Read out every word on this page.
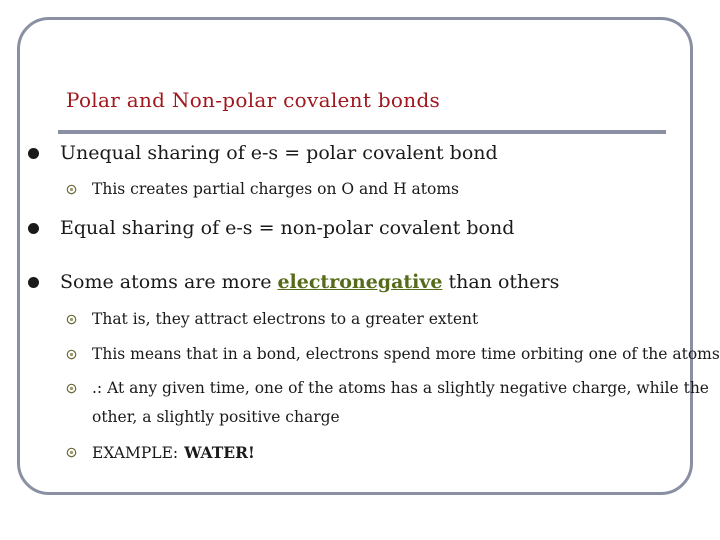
Polar and Non-polar covalent bonds
Unequal sharing of e-s = polar covalent bond
This creates partial charges on O and H atoms
Equal sharing of e-s = non-polar covalent bond
Some atoms are more electronegative than others
That is, they attract electrons to a greater extent
This means that in a bond, electrons spend more time orbiting one of the atoms
.: At any given time, one of the atoms has a slightly negative charge, while the
other, a slightly positive charge
EXAMPLE: WATER!
